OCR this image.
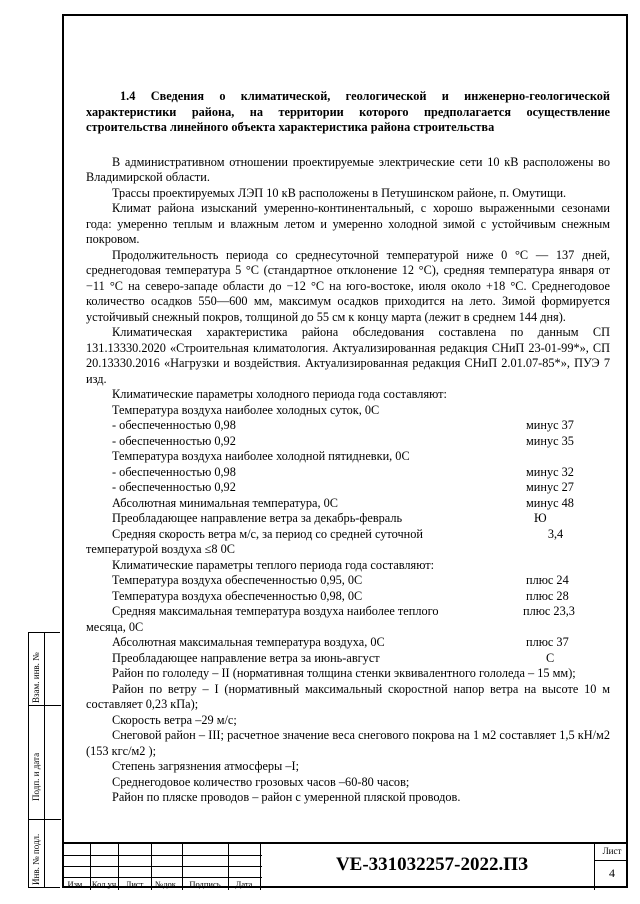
1.4 Сведения о климатической, геологической и инженерно-геологической характеристики района, на территории которого предполагается осуществление строительства линейного объекта характеристика района строительства

В административном отношении проектируемые электрические сети 10 кВ расположены во Владимирской области.

Трассы проектируемых ЛЭП 10 кВ расположены в Петушинском районе, п. Омутищи.

Климат района изысканий умеренно-континентальный, с хорошо выраженными сезонами года: умеренно теплым и влажным летом и умеренно холодной зимой с устойчивым снежным покровом.

Продолжительность периода со среднесуточной температурой ниже 0 °С — 137 дней, среднегодовая температура 5 °С (стандартное отклонение 12 °С), средняя температура января от −11 °С на северо-западе области до −12 °С на юго-востоке, июля около +18 °С. Среднегодовое количество осадков 550—600 мм, максимум осадков приходится на лето. Зимой формируется устойчивый снежный покров, толщиной до 55 см к концу марта (лежит в среднем 144 дня).

Климатическая характеристика района обследования составлена по данным СП 131.13330.2020 «Строительная климатология. Актуализированная редакция СНиП 23-01-99*», СП 20.13330.2016 «Нагрузки и воздействия. Актуализированная редакция СНиП 2.01.07-85*», ПУЭ 7 изд.

Климатические параметры холодного периода года составляют:

Температура воздуха наиболее холодных суток, 0С

- обеспеченностью 0,98	минус 37
- обеспеченностью 0,92	минус 35

Температура воздуха наиболее холодной пятидневки, 0С

- обеспеченностью 0,98	минус 32
- обеспеченностью 0,92	минус 27
Абсолютная минимальная температура, 0С	минус 48
Преобладающее направление ветра за декабрь-февраль	Ю
Средняя скорость ветра м/с, за период со средней суточной	3,4

температурой воздуха ≤8 0С

Климатические параметры теплого периода года составляют:

Температура воздуха обеспеченностью 0,95, 0С	плюс 24
Температура воздуха обеспеченностью 0,98, 0С	плюс 28
Средняя максимальная температура воздуха наиболее теплого	плюс 23,3

месяца, 0С

Абсолютная максимальная температура воздуха, 0С	плюс 37
Преобладающее направление ветра за июнь-август	С

Район по гололеду – II (нормативная толщина стенки эквивалентного гололеда – 15 мм);

Район по ветру – I (нормативный максимальный скоростной напор ветра на высоте 10 м составляет 0,23 кПа);

Скорость ветра –29 м/с;

Снеговой район – III; расчетное значение веса снегового покрова на 1 м2 составляет 1,5 кН/м2 (153 кгс/м2 );

Степень загрязнения атмосферы –I;

Среднегодовое количество грозовых часов –60-80 часов;

Район по пляске проводов – район с умеренной пляской проводов.

Взам. инв. №
Подп. и дата
Инв. № подл.	Изм. Кол.уч	Лист	№док.	Подпись	Дата
VE-331032257-2022.ПЗ
Лист
4
